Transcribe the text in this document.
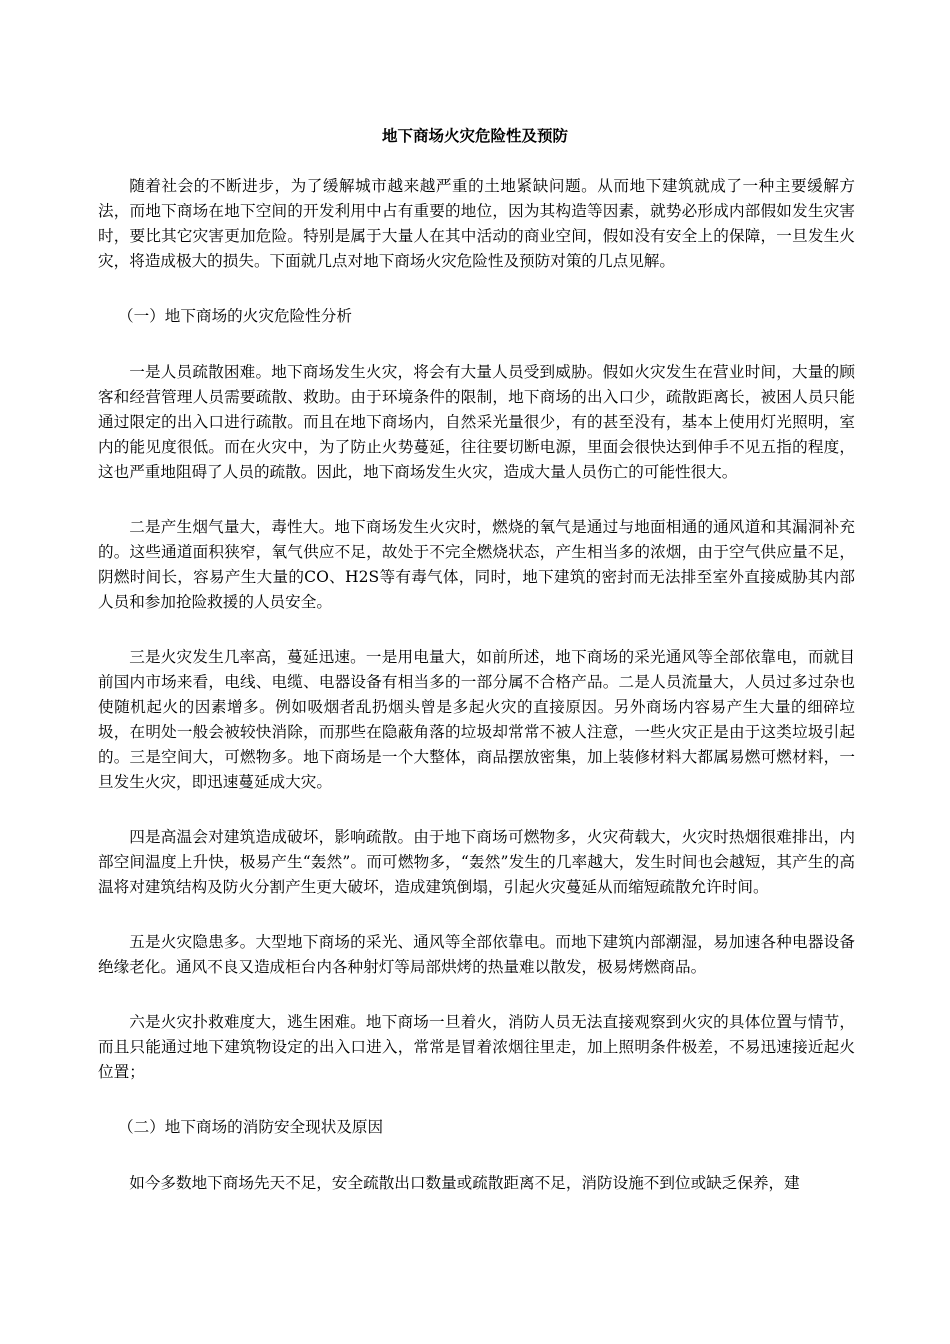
地下商场火灾危险性及预防

随着社会的不断进步，为了缓解城市越来越严重的土地紧缺问题。从而地下建筑就成了一种主要缓解方法，而地下商场在地下空间的开发利用中占有重要的地位，因为其构造等因素，就势必形成内部假如发生灾害时，要比其它灾害更加危险。特别是属于大量人在其中活动的商业空间，假如没有安全上的保障，一旦发生火灾，将造成极大的损失。下面就几点对地下商场火灾危险性及预防对策的几点见解。

（一）地下商场的火灾危险性分析

一是人员疏散困难。地下商场发生火灾，将会有大量人员受到威胁。假如火灾发生在营业时间，大量的顾客和经营管理人员需要疏散、救助。由于环境条件的限制，地下商场的出入口少，疏散距离长，被困人员只能通过限定的出入口进行疏散。而且在地下商场内，自然采光量很少，有的甚至没有，基本上使用灯光照明，室内的能见度很低。而在火灾中，为了防止火势蔓延，往往要切断电源，里面会很快达到伸手不见五指的程度，这也严重地阻碍了人员的疏散。因此，地下商场发生火灾，造成大量人员伤亡的可能性很大。

二是产生烟气量大，毒性大。地下商场发生火灾时，燃烧的氧气是通过与地面相通的通风道和其漏洞补充的。这些通道面积狭窄，氧气供应不足，故处于不完全燃烧状态，产生相当多的浓烟，由于空气供应量不足，阴燃时间长，容易产生大量的CO、H2S等有毒气体，同时，地下建筑的密封而无法排至室外直接威胁其内部人员和参加抢险救援的人员安全。

三是火灾发生几率高，蔓延迅速。一是用电量大，如前所述，地下商场的采光通风等全部依靠电，而就目前国内市场来看，电线、电缆、电器设备有相当多的一部分属不合格产品。二是人员流量大，人员过多过杂也使随机起火的因素增多。例如吸烟者乱扔烟头曾是多起火灾的直接原因。另外商场内容易产生大量的细碎垃圾，在明处一般会被较快消除，而那些在隐蔽角落的垃圾却常常不被人注意，一些火灾正是由于这类垃圾引起的。三是空间大，可燃物多。地下商场是一个大整体，商品摆放密集，加上装修材料大都属易燃可燃材料，一旦发生火灾，即迅速蔓延成大灾。

四是高温会对建筑造成破坏，影响疏散。由于地下商场可燃物多，火灾荷载大，火灾时热烟很难排出，内部空间温度上升快，极易产生“轰然”。而可燃物多，“轰然”发生的几率越大，发生时间也会越短，其产生的高温将对建筑结构及防火分割产生更大破坏，造成建筑倒塌，引起火灾蔓延从而缩短疏散允许时间。

五是火灾隐患多。大型地下商场的采光、通风等全部依靠电。而地下建筑内部潮湿，易加速各种电器设备绝缘老化。通风不良又造成柜台内各种射灯等局部烘烤的热量难以散发，极易烤燃商品。

六是火灾扑救难度大，逃生困难。地下商场一旦着火，消防人员无法直接观察到火灾的具体位置与情节，而且只能通过地下建筑物设定的出入口进入，常常是冒着浓烟往里走，加上照明条件极差，不易迅速接近起火位置；

（二）地下商场的消防安全现状及原因

如今多数地下商场先天不足，安全疏散出口数量或疏散距离不足，消防设施不到位或缺乏保养，建
